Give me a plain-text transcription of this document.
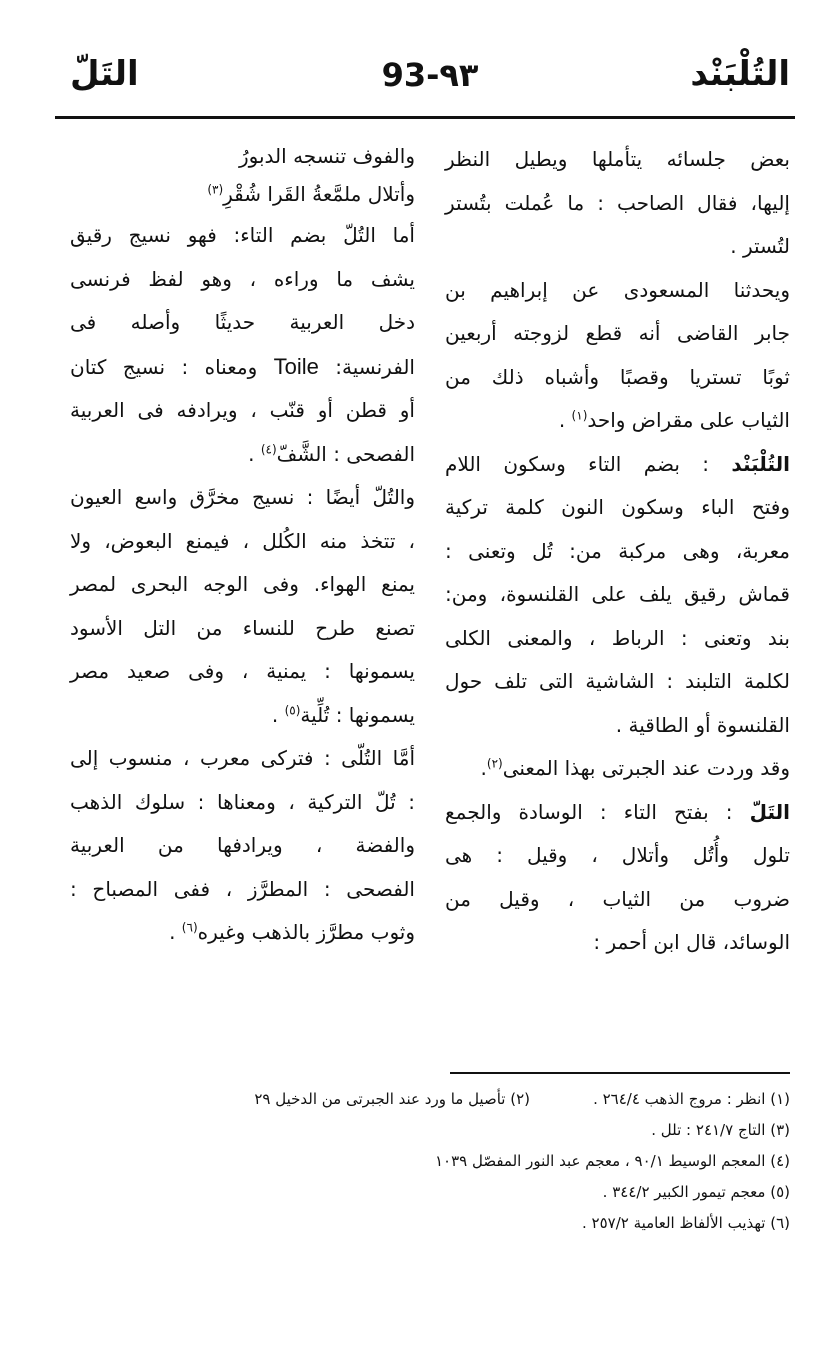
التُلْبَنْد
93-٩٣
التَلّ
بعض جلسائه يتأملها ويطيل النظر
إليها، فقال الصاحب : ما عُملت بتُستر
لتُستر .
ويحدثنا المسعودى عن إبراهيم بن
جابر القاضى أنه قطع لزوجته أربعين
ثوبًا تستريا وقصبًا وأشباه ذلك من
الثياب على مقراض واحد$^{(١)}$ .
التُلْبَنْد : بضم التاء وسكون اللام
وفتح الباء وسكون النون كلمة تركية
معربة، وهى مركبة من: تُل وتعنى :
قماش رقيق يلف على القلنسوة، ومن:
بند وتعنى : الرباط ، والمعنى الكلى
لكلمة التلبند : الشاشية التى تلف حول
القلنسوة أو الطاقية .
وقد وردت عند الجبرتى بهذا المعنى$^{(٢)}$.
التَلّ : بفتح التاء : الوسادة والجمع
تلول وأُتُل وأتلال ، وقيل : هى
ضروب من الثياب ، وقيل من
الوسائد، قال ابن أحمر :
والفوف تنسجه الدبورُ
وأتلال ملمَّعةُ القَرا شُقْرِ$^{(٣)}$
أما التُلّ بضم التاء: فهو نسيج رقيق
يشف ما وراءه ، وهو لفظ فرنسى
دخل العربية حديثًا وأصله فى
الفرنسية: Toile ومعناه : نسيج كتان
أو قطن أو قنّب ، ويرادفه فى العربية
الفصحى : الشَّفّ$^{(٤)}$ .
والتُلّ أيضًا : نسيج مخرَّق واسع العيون
، تتخذ منه الكُلل ، فيمنع البعوض، ولا
يمنع الهواء. وفى الوجه البحرى لمصر
تصنع طرح للنساء من التل الأسود
يسمونها : يمنية ، وفى صعيد مصر
يسمونها : تُلِّية$^{(٥)}$ .
أمَّا التُلّى : فتركى معرب ، منسوب إلى
: تُلّ التركية ، ومعناها : سلوك الذهب
والفضة ، ويرادفها من العربية
الفصحى : المطرَّز ، ففى المصباح :
وثوب مطرَّز بالذهب وغيره$^{(٦)}$ .
(١) انظر : مروج الذهب ٢٦٤/٤ .
(٢) تأصيل ما ورد عند الجبرتى من الدخيل ٢٩
(٣) التاج ٢٤١/٧ : تلل .
(٤) المعجم الوسيط ٩٠/١ ، معجم عبد النور المفصّل ١٠٣٩
(٥) معجم تيمور الكبير ٣٤٤/٢ .
(٦) تهذيب الألفاظ العامية ٢٥٧/٢ .
